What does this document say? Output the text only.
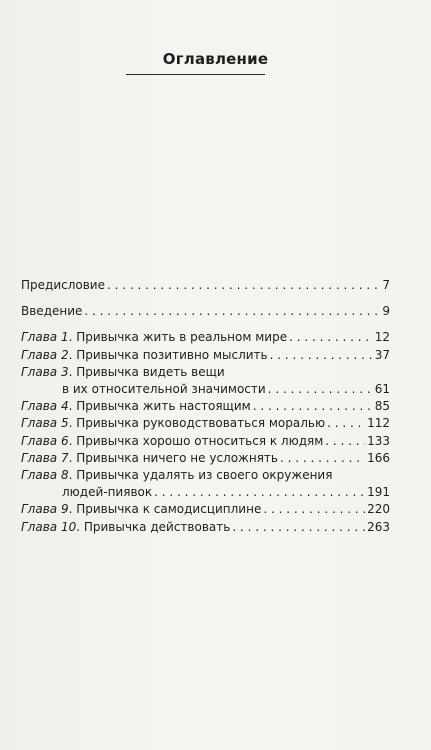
Оглавление
Предисловие . . .	7
Введение . . .	9
Глава 1. Привычка жить в реальном мире . . .	12
Глава 2. Привычка позитивно мыслить . . .	37
Глава 3. Привычка видеть вещи
в их относительной значимости . . .	61
Глава 4. Привычка жить настоящим . . .	85
Глава 5. Привычка руководствоваться моралью . . .	112
Глава 6. Привычка хорошо относиться к людям . . .	133
Глава 7. Привычка ничего не усложнять . . .	166
Глава 8. Привычка удалять из своего окружения
людей-пиявок . . .	191
Глава 9. Привычка к самодисциплине . . .	220
Глава 10. Привычка действовать . . .	263
